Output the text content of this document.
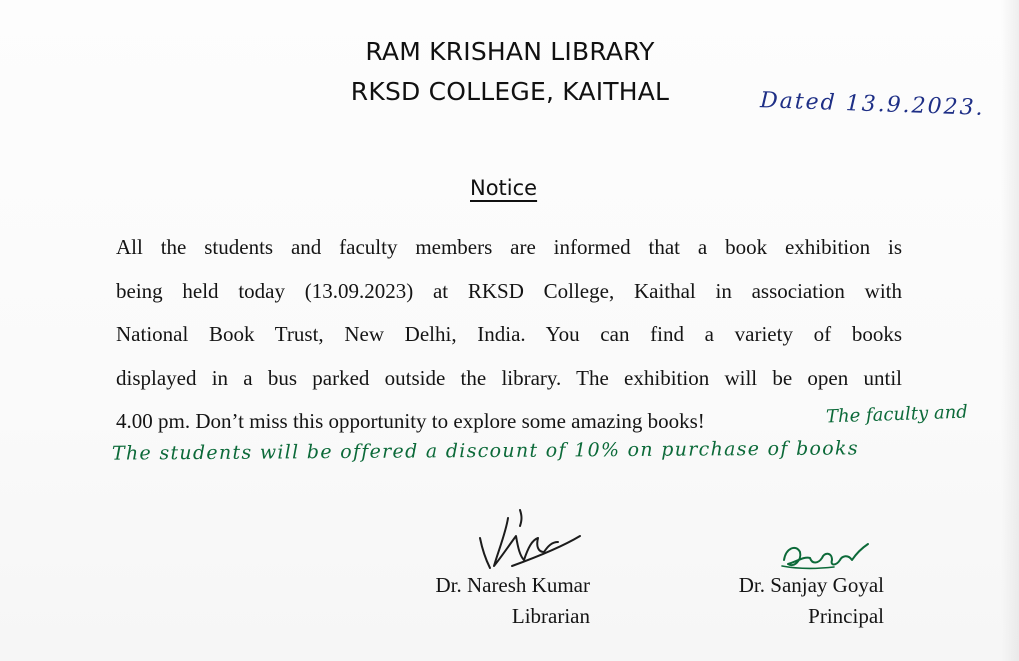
RAM KRISHAN LIBRARY
RKSD COLLEGE, KAITHAL	Dated 13.9.2023.
Notice
All the students and faculty members are informed that a book exhibition is
being held today (13.09.2023) at RKSD College, Kaithal in association with
National Book Trust, New Delhi, India. You can find a variety of books
displayed in a bus parked outside the library. The exhibition will be open until
4.00 pm. Don’t miss this opportunity to explore some amazing books!	The faculty and
The students will be offered a discount of 10% on purchase of books
Dr. Naresh Kumar
Librarian
Dr. Sanjay Goyal
Principal
